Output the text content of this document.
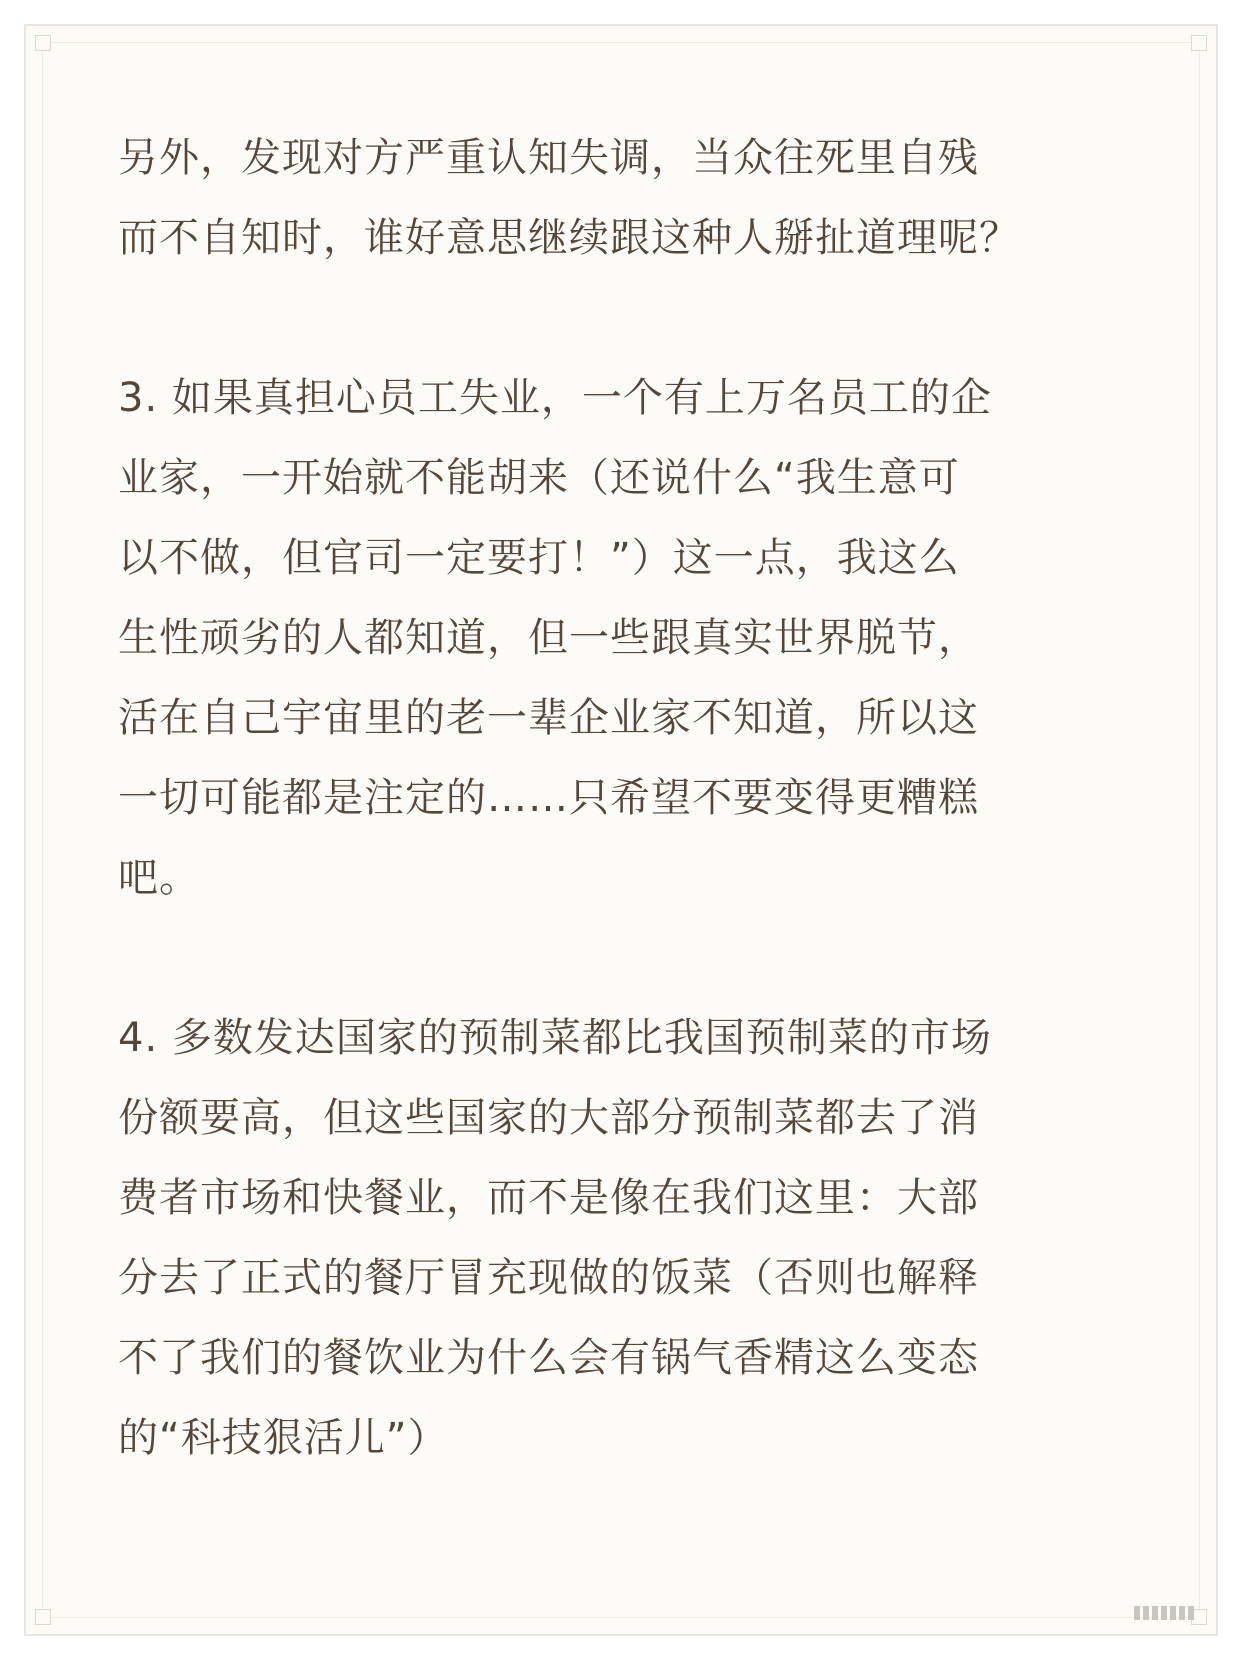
另外，发现对方严重认知失调，当众往死里自残
而不自知时，谁好意思继续跟这种人掰扯道理呢？
3. 如果真担心员工失业，一个有上万名员工的企
业家，一开始就不能胡来（还说什么“我生意可
以不做，但官司一定要打！”）这一点，我这么
生性顽劣的人都知道，但一些跟真实世界脱节，
活在自己宇宙里的老一辈企业家不知道，所以这
一切可能都是注定的……只希望不要变得更糟糕
吧。
4. 多数发达国家的预制菜都比我国预制菜的市场
份额要高，但这些国家的大部分预制菜都去了消
费者市场和快餐业，而不是像在我们这里：大部
分去了正式的餐厅冒充现做的饭菜（否则也解释
不了我们的餐饮业为什么会有锅气香精这么变态
的“科技狠活儿”）
